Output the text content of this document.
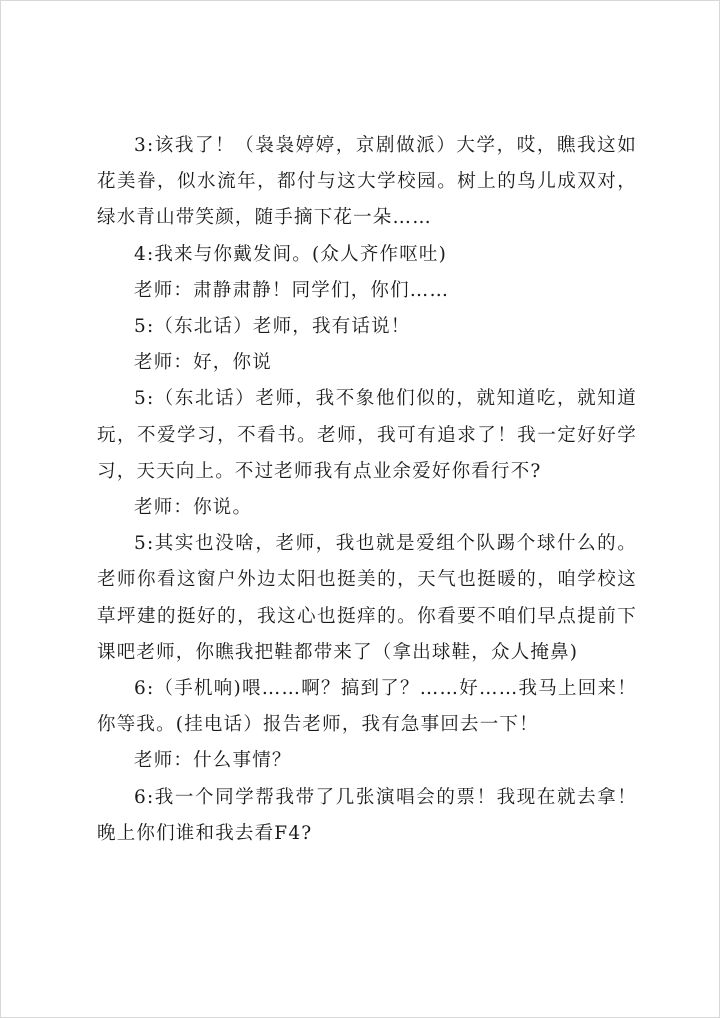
3:该我了！（袅袅婷婷，京剧做派）大学，哎，瞧我这如花美眷，似水流年，都付与这大学校园。树上的鸟儿成双对，绿水青山带笑颜，随手摘下花一朵……

4:我来与你戴发间。(众人齐作呕吐)

老师：肃静肃静！同学们，你们……

5:（东北话）老师，我有话说！

老师：好，你说

5:（东北话）老师，我不象他们似的，就知道吃，就知道玩，不爱学习，不看书。老师，我可有追求了！我一定好好学习，天天向上。不过老师我有点业余爱好你看行不?

老师：你说。

5:其实也没啥，老师，我也就是爱组个队踢个球什么的。老师你看这窗户外边太阳也挺美的，天气也挺暖的，咱学校这草坪建的挺好的，我这心也挺痒的。你看要不咱们早点提前下课吧老师，你瞧我把鞋都带来了（拿出球鞋，众人掩鼻)

6:（手机响)喂……啊？搞到了？……好……我马上回来！你等我。(挂电话）报告老师，我有急事回去一下！

老师：什么事情？

6:我一个同学帮我带了几张演唱会的票！我现在就去拿！晚上你们谁和我去看F4?
